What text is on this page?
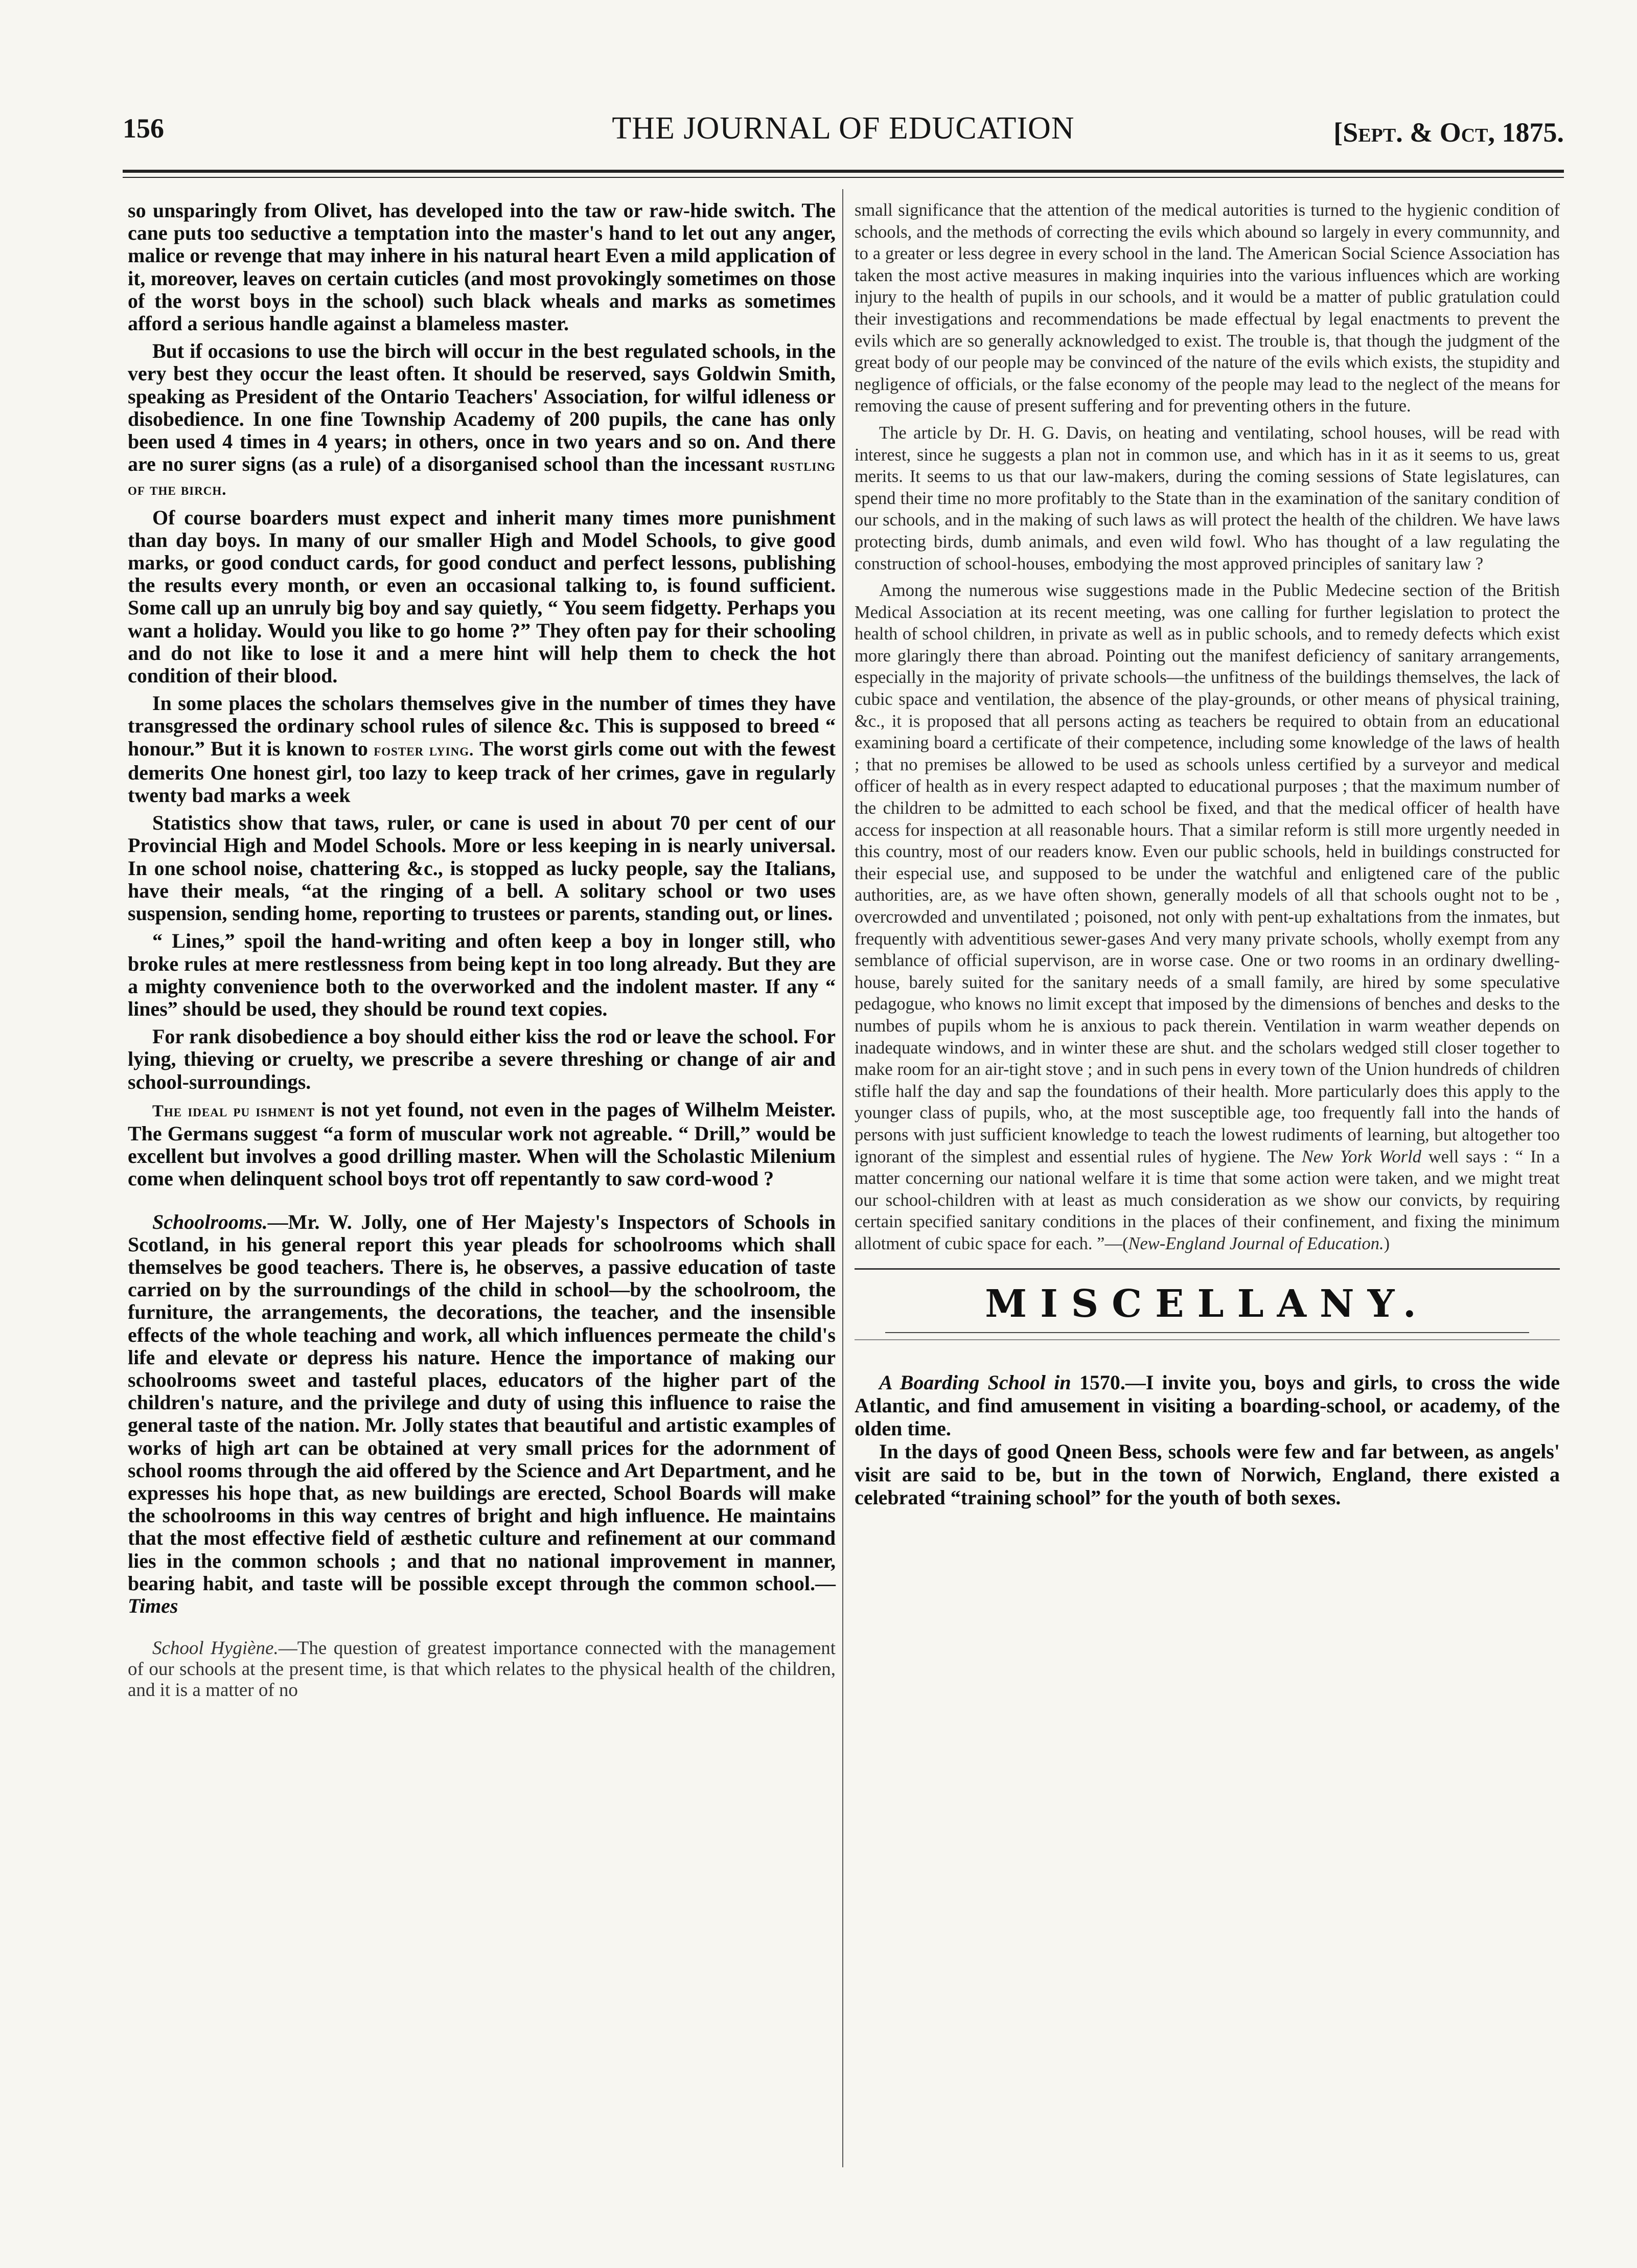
156	THE JOURNAL OF EDUCATION	[Sept. & Oct, 1875.

so unsparingly from Olivet, has developed into the taw or raw-hide switch. The cane puts too seductive a temptation into the master's hand to let out any anger, malice or revenge that may inhere in his natural heart Even a mild application of it, moreover, leaves on certain cuticles (and most provokingly sometimes on those of the worst boys in the school) such black wheals and marks as sometimes afford a serious handle against a blameless master.

But if occasions to use the birch will occur in the best regulated schools, in the very best they occur the least often. It should be reserved, says Goldwin Smith, speaking as President of the Ontario Teachers' Association, for wilful idleness or disobedience. In one fine Township Academy of 200 pupils, the cane has only been used 4 times in 4 years; in others, once in two years and so on. And there are no surer signs (as a rule) of a disorganised school than the incessant rustling of the birch.

Of course boarders must expect and inherit many times more punishment than day boys. In many of our smaller High and Model Schools, to give good marks, or good conduct cards, for good conduct and perfect lessons, publishing the results every month, or even an occasional talking to, is found sufficient. Some call up an unruly big boy and say quietly, “ You seem fidgetty. Perhaps you want a holiday. Would you like to go home ?” They often pay for their schooling and do not like to lose it and a mere hint will help them to check the hot condition of their blood.

In some places the scholars themselves give in the number of times they have transgressed the ordinary school rules of silence &c. This is supposed to breed “ honour.” But it is known to foster lying. The worst girls come out with the fewest demerits One honest girl, too lazy to keep track of her crimes, gave in regularly twenty bad marks a week

Statistics show that taws, ruler, or cane is used in about 70 per cent of our Provincial High and Model Schools. More or less keeping in is nearly universal. In one school noise, chattering &c., is stopped as lucky people, say the Italians, have their meals, “at the ringing of a bell. A solitary school or two uses suspension, sending home, reporting to trustees or parents, standing out, or lines.

“ Lines,” spoil the hand-writing and often keep a boy in longer still, who broke rules at mere restlessness from being kept in too long already. But they are a mighty convenience both to the overworked and the indolent master. If any “ lines” should be used, they should be round text copies.

For rank disobedience a boy should either kiss the rod or leave the school. For lying, thieving or cruelty, we prescribe a severe threshing or change of air and school-surroundings.

The ideal pu ishment is not yet found, not even in the pages of Wilhelm Meister. The Germans suggest “a form of muscular work not agreable. “ Drill,” would be excellent but involves a good drilling master. When will the Scholastic Milenium come when delinquent school boys trot off repentantly to saw cord-wood ?

Schoolrooms.—Mr. W. Jolly, one of Her Majesty's Inspectors of Schools in Scotland, in his general report this year pleads for schoolrooms which shall themselves be good teachers. There is, he observes, a passive education of taste carried on by the surroundings of the child in school—by the schoolroom, the furniture, the arrangements, the decorations, the teacher, and the insensible effects of the whole teaching and work, all which influences permeate the child's life and elevate or depress his nature. Hence the importance of making our schoolrooms sweet and tasteful places, educators of the higher part of the children's nature, and the privilege and duty of using this influence to raise the general taste of the nation. Mr. Jolly states that beautiful and artistic examples of works of high art can be obtained at very small prices for the adornment of school rooms through the aid offered by the Science and Art Department, and he expresses his hope that, as new buildings are erected, School Boards will make the schoolrooms in this way centres of bright and high influence. He maintains that the most effective field of æsthetic culture and refinement at our command lies in the common schools ; and that no national improvement in manner, bearing habit, and taste will be possible except through the common school.—Times

School Hygiène.—The question of greatest importance connected with the management of our schools at the present time, is that which relates to the physical health of the children, and it is a matter of no

small significance that the attention of the medical autorities is turned to the hygienic condition of schools, and the methods of correcting the evils which abound so largely in every communnity, and to a greater or less degree in every school in the land. The American Social Science Association has taken the most active measures in making inquiries into the various influences which are working injury to the health of pupils in our schools, and it would be a matter of public gratulation could their investigations and recommendations be made effectual by legal enactments to prevent the evils which are so generally acknowledged to exist. The trouble is, that though the judgment of the great body of our people may be convinced of the nature of the evils which exists, the stupidity and negligence of officials, or the false economy of the people may lead to the neglect of the means for removing the cause of present suffering and for preventing others in the future.

The article by Dr. H. G. Davis, on heating and ventilating, school houses, will be read with interest, since he suggests a plan not in common use, and which has in it as it seems to us, great merits. It seems to us that our law-makers, during the coming sessions of State legislatures, can spend their time no more profitably to the State than in the examination of the sanitary condition of our schools, and in the making of such laws as will protect the health of the children. We have laws protecting birds, dumb animals, and even wild fowl. Who has thought of a law regulating the construction of school-houses, embodying the most approved principles of sanitary law ?

Among the numerous wise suggestions made in the Public Medecine section of the British Medical Association at its recent meeting, was one calling for further legislation to protect the health of school children, in private as well as in public schools, and to remedy defects which exist more glaringly there than abroad. Pointing out the manifest deficiency of sanitary arrangements, especially in the majority of private schools—the unfitness of the buildings themselves, the lack of cubic space and ventilation, the absence of the play-grounds, or other means of physical training, &c., it is proposed that all persons acting as teachers be required to obtain from an educational examining board a certificate of their competence, including some knowledge of the laws of health ; that no premises be allowed to be used as schools unless certified by a surveyor and medical officer of health as in every respect adapted to educational purposes ; that the maximum number of the children to be admitted to each school be fixed, and that the medical officer of health have access for inspection at all reasonable hours. That a similar reform is still more urgently needed in this country, most of our readers know. Even our public schools, held in buildings constructed for their especial use, and supposed to be under the watchful and enligtened care of the public authorities, are, as we have often shown, generally models of all that schools ought not to be , overcrowded and unventilated ; poisoned, not only with pent-up exhaltations from the inmates, but frequently with adventitious sewer-gases And very many private schools, wholly exempt from any semblance of official supervison, are in worse case. One or two rooms in an ordinary dwelling-house, barely suited for the sanitary needs of a small family, are hired by some speculative pedagogue, who knows no limit except that imposed by the dimensions of benches and desks to the numbes of pupils whom he is anxious to pack therein. Ventilation in warm weather depends on inadequate windows, and in winter these are shut. and the scholars wedged still closer together to make room for an air-tight stove ; and in such pens in every town of the Union hundreds of children stifle half the day and sap the foundations of their health. More particularly does this apply to the younger class of pupils, who, at the most susceptible age, too frequently fall into the hands of persons with just sufficient knowledge to teach the lowest rudiments of learning, but altogether too ignorant of the simplest and essential rules of hygiene. The New York World well says : “ In a matter concerning our national welfare it is time that some action were taken, and we might treat our school-children with at least as much consideration as we show our convicts, by requiring certain specified sanitary conditions in the places of their confinement, and fixing the minimum allotment of cubic space for each. ”—(New-England Journal of Education.)

MISCELLANY.

A Boarding School in 1570.—I invite you, boys and girls, to cross the wide Atlantic, and find amusement in visiting a boarding-school, or academy, of the olden time.

In the days of good Qneen Bess, schools were few and far between, as angels' visit are said to be, but in the town of Norwich, England, there existed a celebrated “training school” for the youth of both sexes.
